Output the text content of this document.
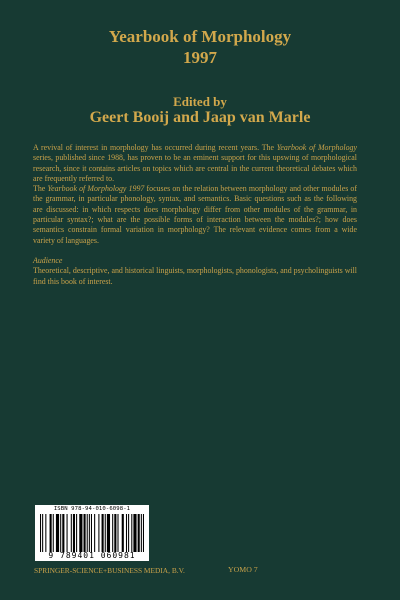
Yearbook of Morphology
1997
Edited by
Geert Booij and Jaap van Marle

A revival of interest in morphology has occurred during recent years. The Yearbook of Morphology series, published since 1988, has proven to be an eminent support for this upswing of morphological research, since it contains articles on topics which are central in the current theoretical debates which are frequently referred to.

The Yearbook of Morphology 1997 focuses on the relation between morphology and other modules of the grammar, in particular phonology, syntax, and semantics. Basic questions such as the following are discussed: in which respects does morphology differ from other modules of the grammar, in particular syntax?; what are the possible forms of interaction between the modules?; how does semantics constrain formal variation in morphology? The relevant evidence comes from a wide variety of languages.

Audience

Theoretical, descriptive, and historical linguists, morphologists, phonologists, and psycholinguists will find this book of interest.

ISBN 978-94-010-6098-1
9 789401 060981
SPRINGER-SCIENCE+BUSINESS MEDIA, B.V.	YOMO 7
